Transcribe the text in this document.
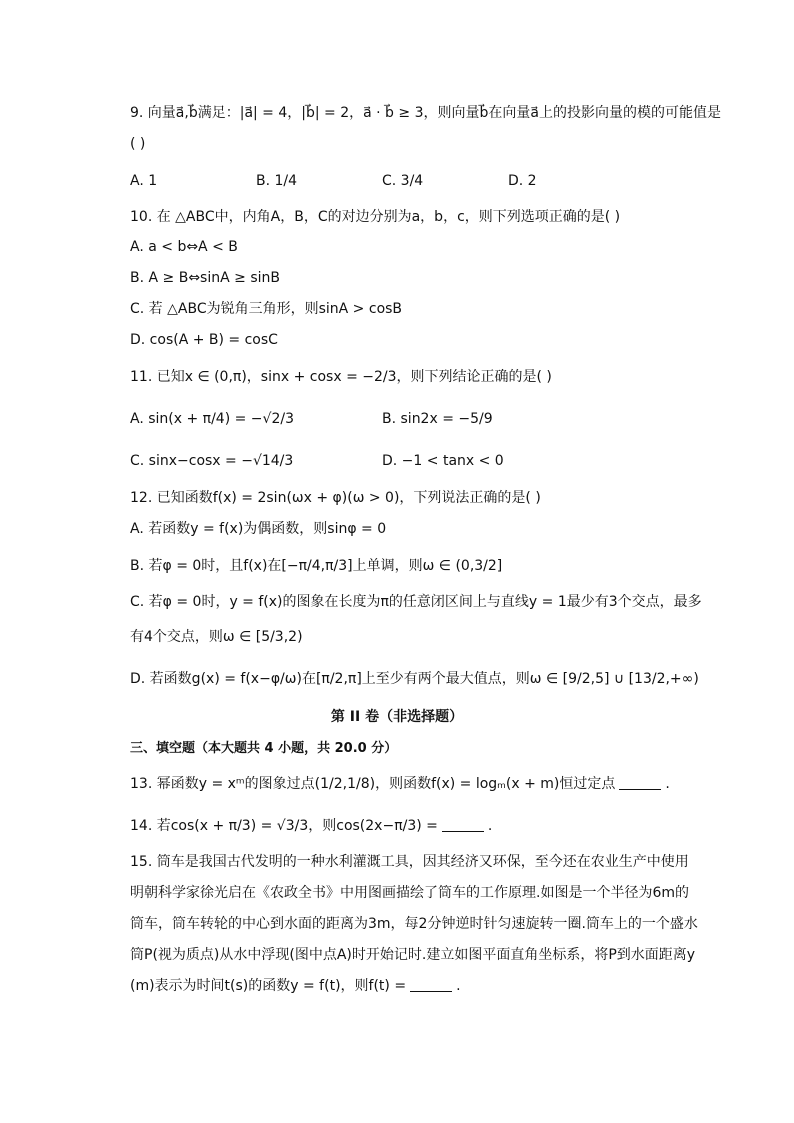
9. 向量a⃗,b⃗满足：|a⃗| = 4，|b⃗| = 2，a⃗ · b⃗ ≥ 3，则向量b⃗在向量a⃗上的投影向量的模的可能值是
( )
A. 1	B. 1/4	C. 3/4	D. 2
10. 在 △ABC中，内角A，B，C的对边分别为a，b，c，则下列选项正确的是( )
A. a < b⇔A < B
B. A ≥ B⇔sinA ≥ sinB
C. 若 △ABC为锐角三角形，则sinA > cosB
D. cos(A + B) = cosC
11. 已知x ∈ (0,π)，sinx + cosx = −2/3，则下列结论正确的是( )
A. sin(x + π/4) = −√2/3	B. sin2x = −5/9
C. sinx−cosx = −√14/3	D. −1 < tanx < 0
12. 已知函数f(x) = 2sin(ωx + φ)(ω > 0)，下列说法正确的是( )
A. 若函数y = f(x)为偶函数，则sinφ = 0
B. 若φ = 0时，且f(x)在[−π/4,π/3]上单调，则ω ∈ (0,3/2]
C. 若φ = 0时，y = f(x)的图象在长度为π的任意闭区间上与直线y = 1最少有3个交点，最多
有4个交点，则ω ∈ [5/3,2)
D. 若函数g(x) = f(x−φ/ω)在[π/2,π]上至少有两个最大值点，则ω ∈ [9/2,5] ∪ [13/2,+∞)
第 II 卷（非选择题）
三、填空题（本大题共 4 小题，共 20.0 分）
13. 幂函数y = xᵐ的图象过点(1/2,1/8)，则函数f(x) = logₘ(x + m)恒过定点	.
14. 若cos(x + π/3) = √3/3，则cos(2x−π/3) =	.
15. 筒车是我国古代发明的一种水利灌溉工具，因其经济又环保，至今还在农业生产中使用
明朝科学家徐光启在《农政全书》中用图画描绘了筒车的工作原理.如图是一个半径为6m的
筒车，筒车转轮的中心到水面的距离为3m，每2分钟逆时针匀速旋转一圈.筒车上的一个盛水
筒P(视为质点)从水中浮现(图中点A)时开始记时.建立如图平面直角坐标系，将P到水面距离y
(m)表示为时间t(s)的函数y = f(t)，则f(t) =	.
